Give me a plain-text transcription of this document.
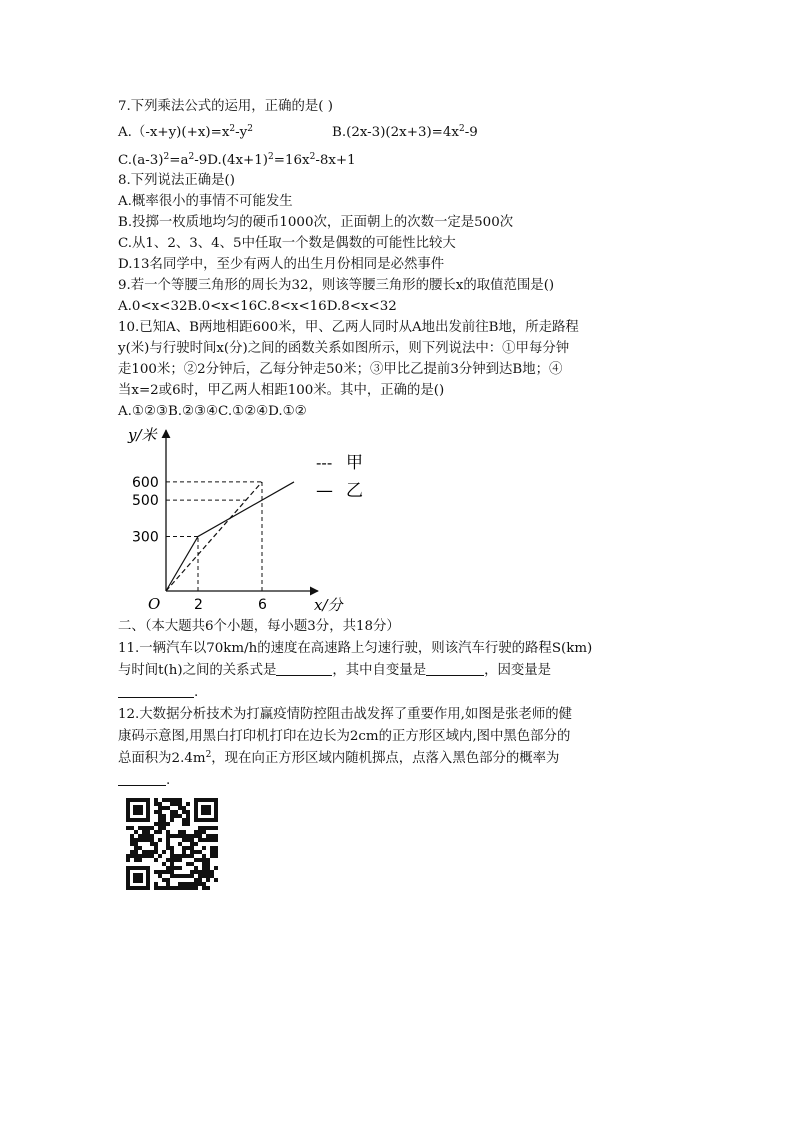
7.下列乘法公式的运用，正确的是( )
$A.(-x+y)(+x)=x^2-y^2$	$B.(2x-3)(2x+3)=4x^2-9$
$C.(a-3)^2=a^2-9D.(4x+1)^2=16x^2-8x+1$
8.下列说法正确是()
A.概率很小的事情不可能发生
B.投掷一枚质地均匀的硬币1000次，正面朝上的次数一定是500次
C.从1、2、3、4、5中任取一个数是偶数的可能性比较大
D.13名同学中，至少有两人的出生月份相同是必然事件
9.若一个等腰三角形的周长为32，则该等腰三角形的腰长x的取值范围是()
A.0<x<32B.0<x<16C.8<x<16D.8<x<32
10.已知A、B两地相距600米，甲、乙两人同时从A地出发前往B地，所走路程
y(米)与行驶时间x(分)之间的函数关系如图所示，则下列说法中：①甲每分钟
走100米；②2分钟后，乙每分钟走50米；③甲比乙提前3分钟到达B地；④
当x=2或6时，甲乙两人相距100米。其中，正确的是()
A.①②③B.②③④C.①②④D.①②
y/米
x/分
O
300
500
600
2	6
--- 甲
— 乙
二、（本大题共6个小题，每小题3分，共18分）
11.一辆汽车以70km/h的速度在高速路上匀速行驶，则该汽车行驶的路程S(km)
与时间t(h)之间的关系式是	，其中自变量是	，因变量是
.
12.大数据分析技术为打赢疫情防控阻击战发挥了重要作用,如图是张老师的健
康码示意图,用黑白打印机打印在边长为2cm的正方形区域内,图中黑色部分的
总面积为$2.4m^2$，现在向正方形区域内随机掷点，点落入黑色部分的概率为
.
